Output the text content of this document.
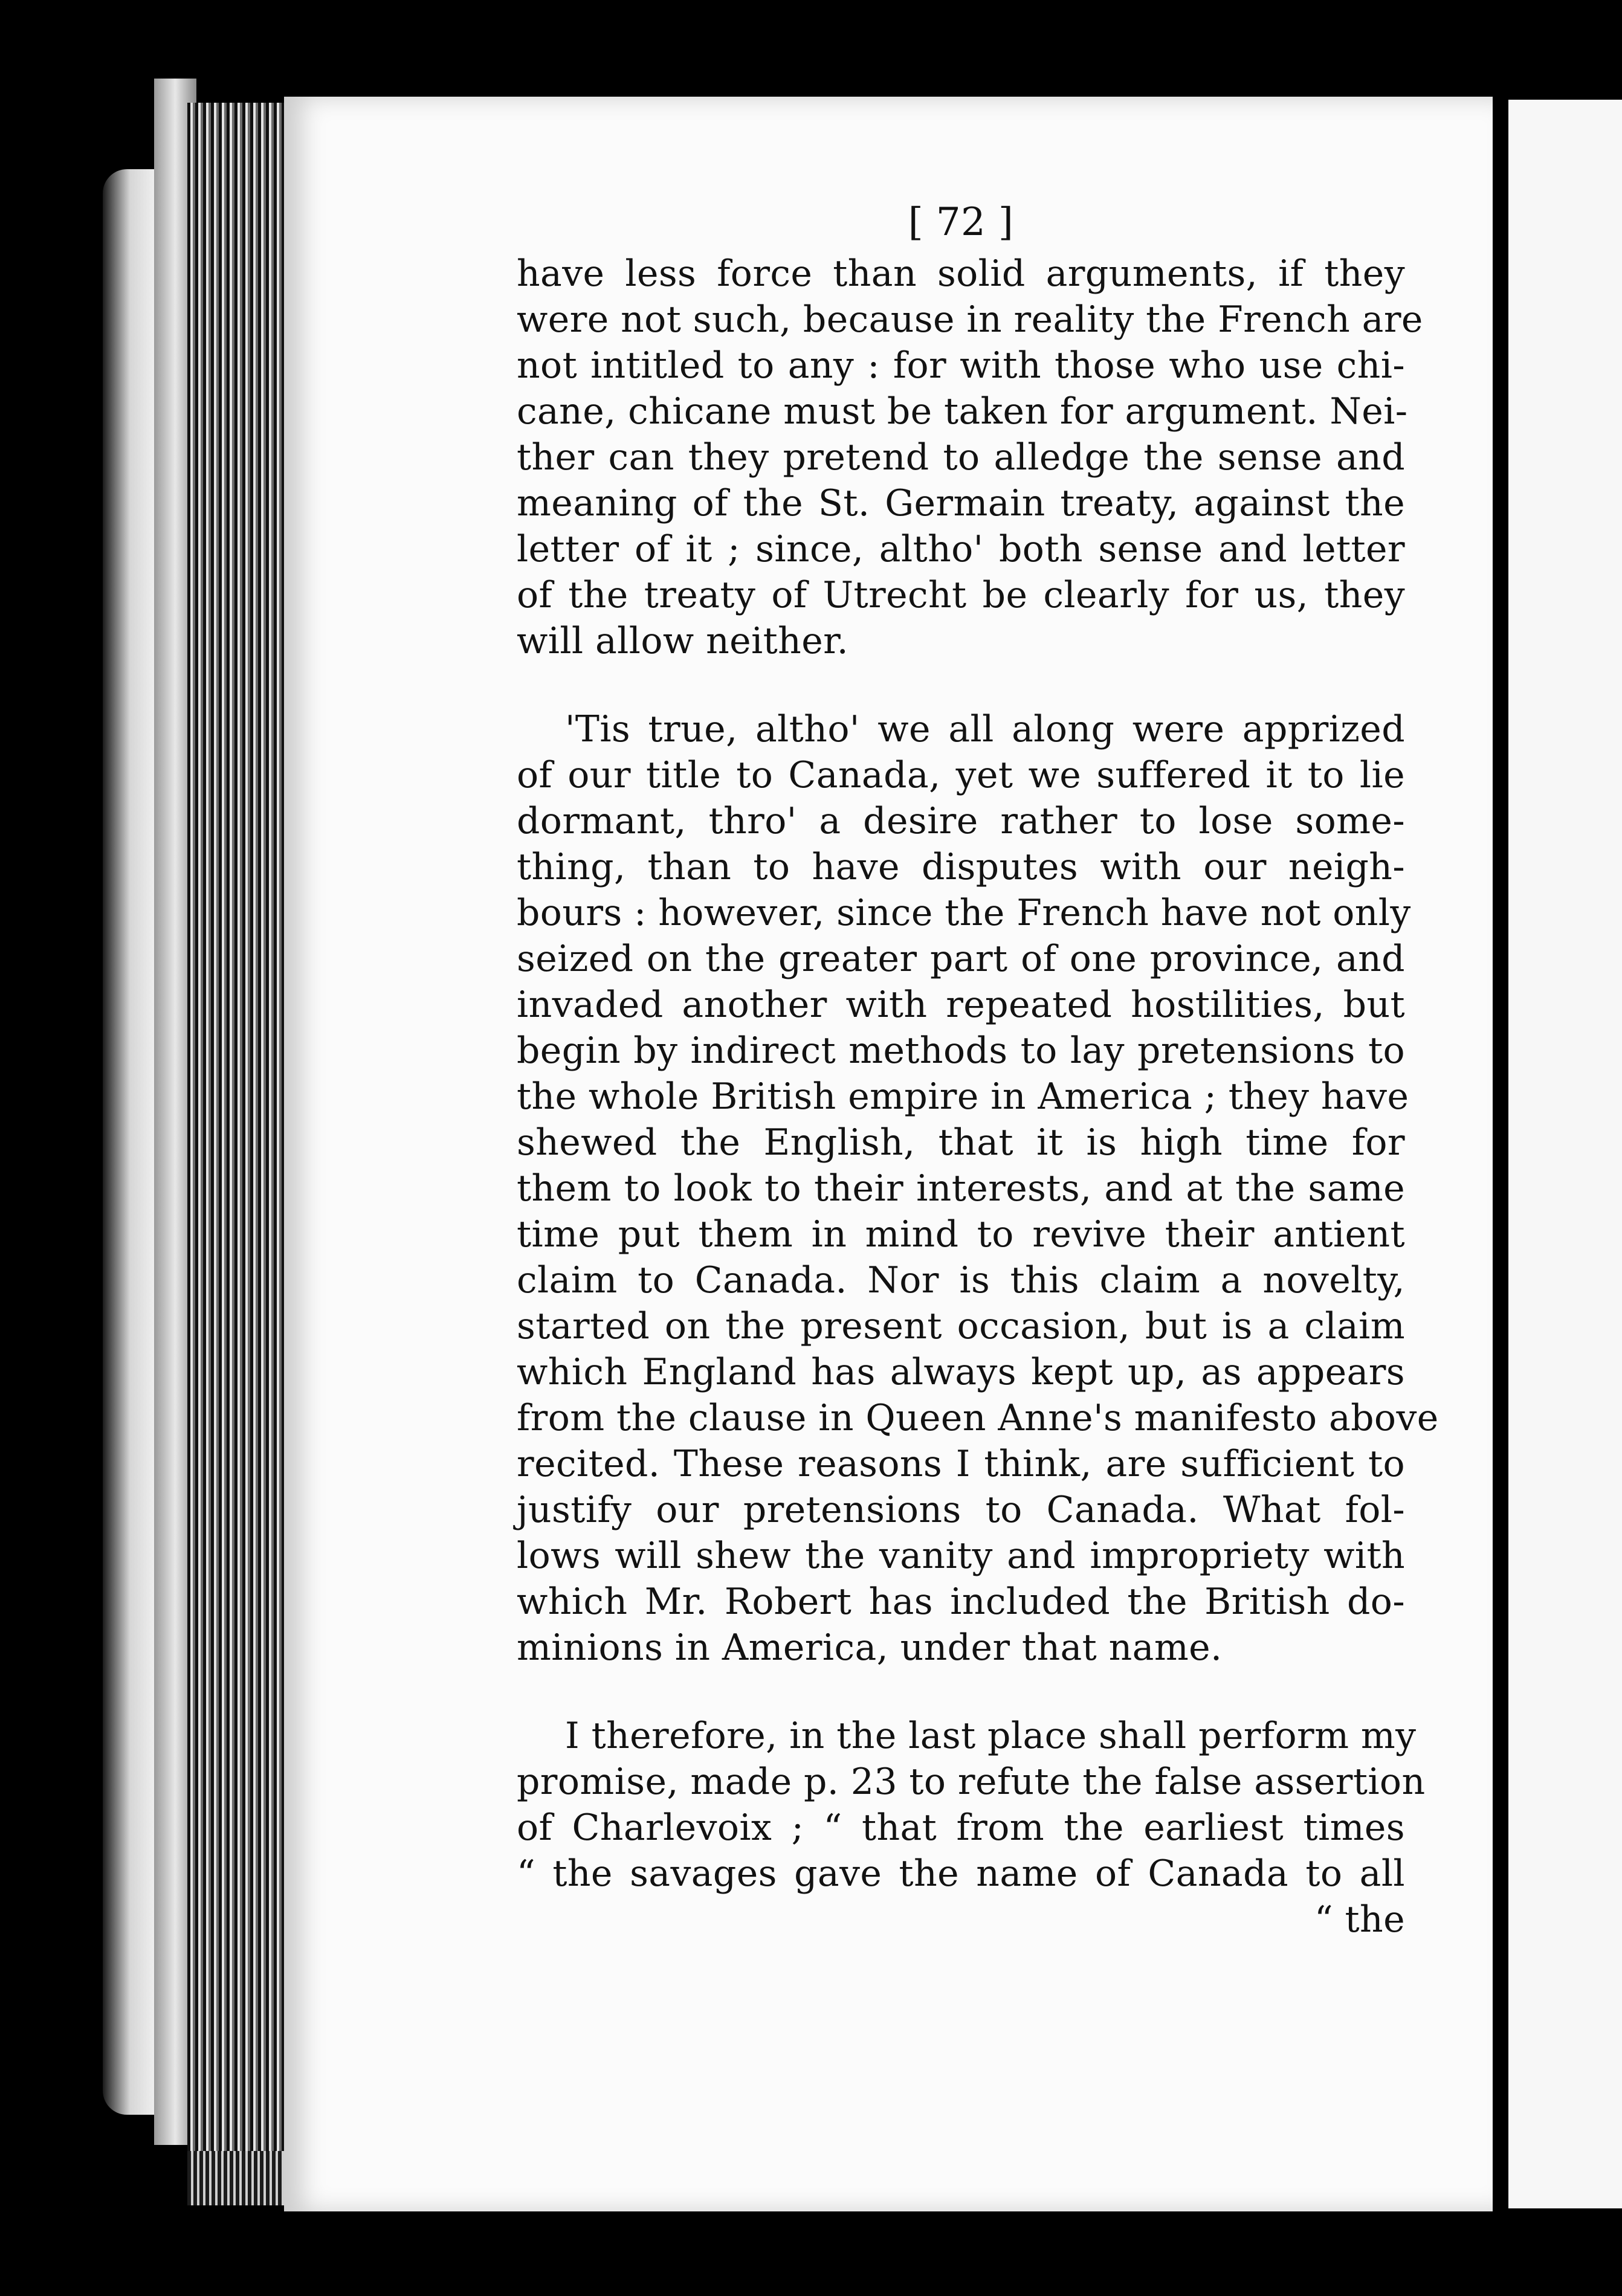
[ 72 ]
have less force than solid arguments, if they
were not such, because in reality the French are
not intitled to any : for with those who use chi-
cane, chicane must be taken for argument. Nei-
ther can they pretend to alledge the sense and
meaning of the St. Germain treaty, against the
letter of it ; since, altho' both sense and letter
of the treaty of Utrecht be clearly for us, they
will allow neither.
'Tis true, altho' we all along were apprized
of our title to Canada, yet we suffered it to lie
dormant, thro' a desire rather to lose some-
thing, than to have disputes with our neigh-
bours : however, since the French have not only
seized on the greater part of one province, and
invaded another with repeated hostilities, but
begin by indirect methods to lay pretensions to
the whole British empire in America ; they have
shewed the English, that it is high time for
them to look to their interests, and at the same
time put them in mind to revive their antient
claim to Canada. Nor is this claim a novelty,
started on the present occasion, but is a claim
which England has always kept up, as appears
from the clause in Queen Anne's manifesto above
recited. These reasons I think, are sufficient to
justify our pretensions to Canada. What fol-
lows will shew the vanity and impropriety with
which Mr. Robert has included the British do-
minions in America, under that name.
I therefore, in the last place shall perform my
promise, made p. 23 to refute the false assertion
of Charlevoix ; “ that from the earliest times
“ the savages gave the name of Canada to all
“ the
